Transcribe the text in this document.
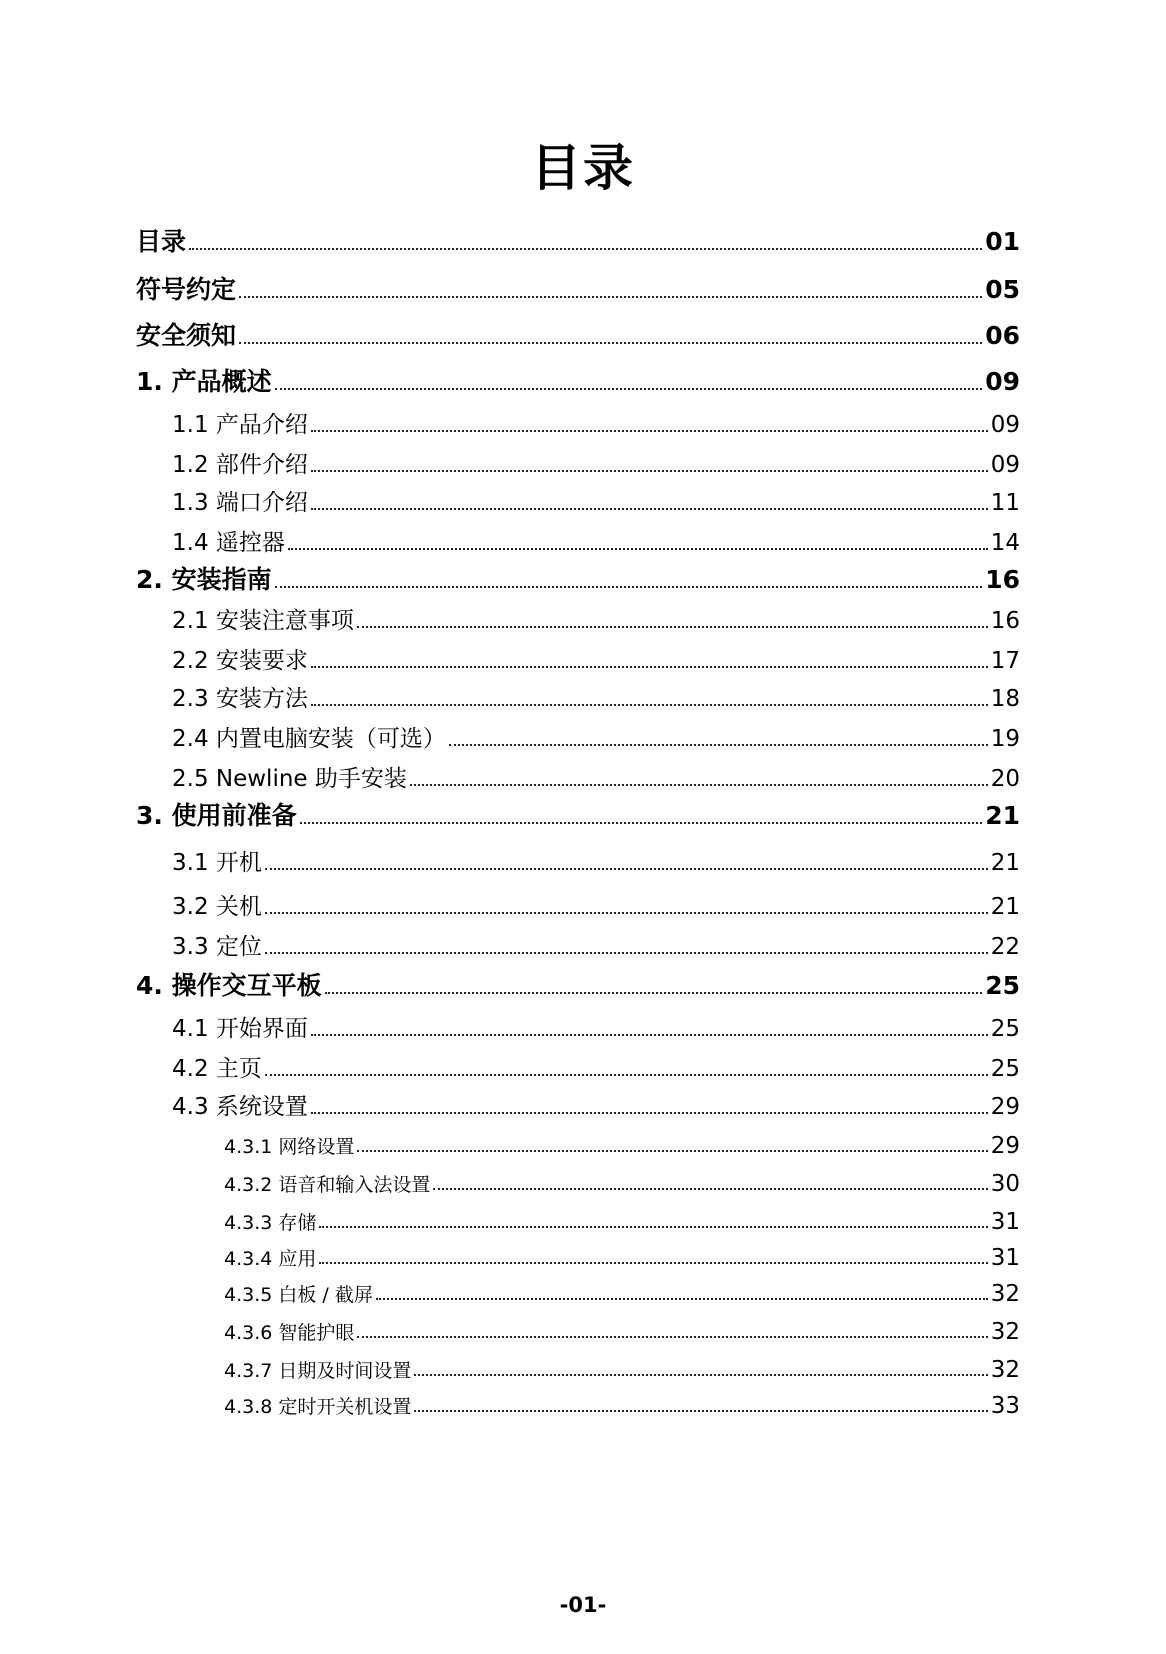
目录
目录	01
符号约定	05
安全须知	06
1. 产品概述	09
1.1 产品介绍	09
1.2 部件介绍	09
1.3 端口介绍	11
1.4 遥控器	14
2. 安装指南	16
2.1 安装注意事项	16
2.2 安装要求	17
2.3 安装方法	18
2.4 内置电脑安装（可选）	19
2.5 Newline 助手安装	20
3. 使用前准备	21
3.1 开机	21
3.2 关机	21
3.3 定位	22
4. 操作交互平板	25
4.1 开始界面	25
4.2 主页	25
4.3 系统设置	29
4.3.1 网络设置	29
4.3.2 语音和输入法设置	30
4.3.3 存储	31
4.3.4 应用	31
4.3.5 白板 / 截屏	32
4.3.6 智能护眼	32
4.3.7 日期及时间设置	32
4.3.8 定时开关机设置	33
-01-
